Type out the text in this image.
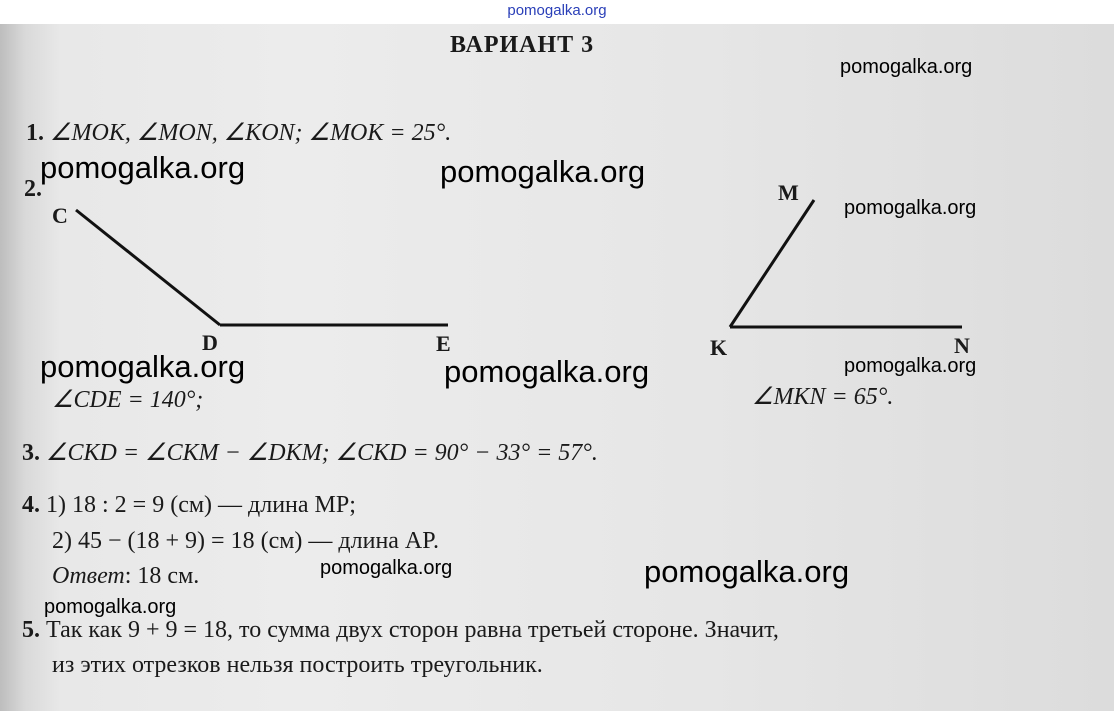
pomogalka.org
ВАРИАНТ 3
1. ∠MOK, ∠MON, ∠KON; ∠MOK = 25°.
2.
C
D	E
M
K	N
∠CDE = 140°;	∠MKN = 65°.
3. ∠CKD = ∠CKM − ∠DKM; ∠CKD = 90° − 33° = 57°.
4. 1) 18 : 2 = 9 (см) — длина MP;
2) 45 − (18 + 9) = 18 (см) — длина AP.
Ответ: 18 см.
5. Так как 9 + 9 = 18, то сумма двух сторон равна третьей стороне. Значит,
из этих отрезков нельзя построить треугольник.
pomogalka.org
pomogalka.org	pomogalka.org
pomogalka.org
pomogalka.org	pomogalka.org	pomogalka.org
pomogalka.org	pomogalka.org
pomogalka.org
